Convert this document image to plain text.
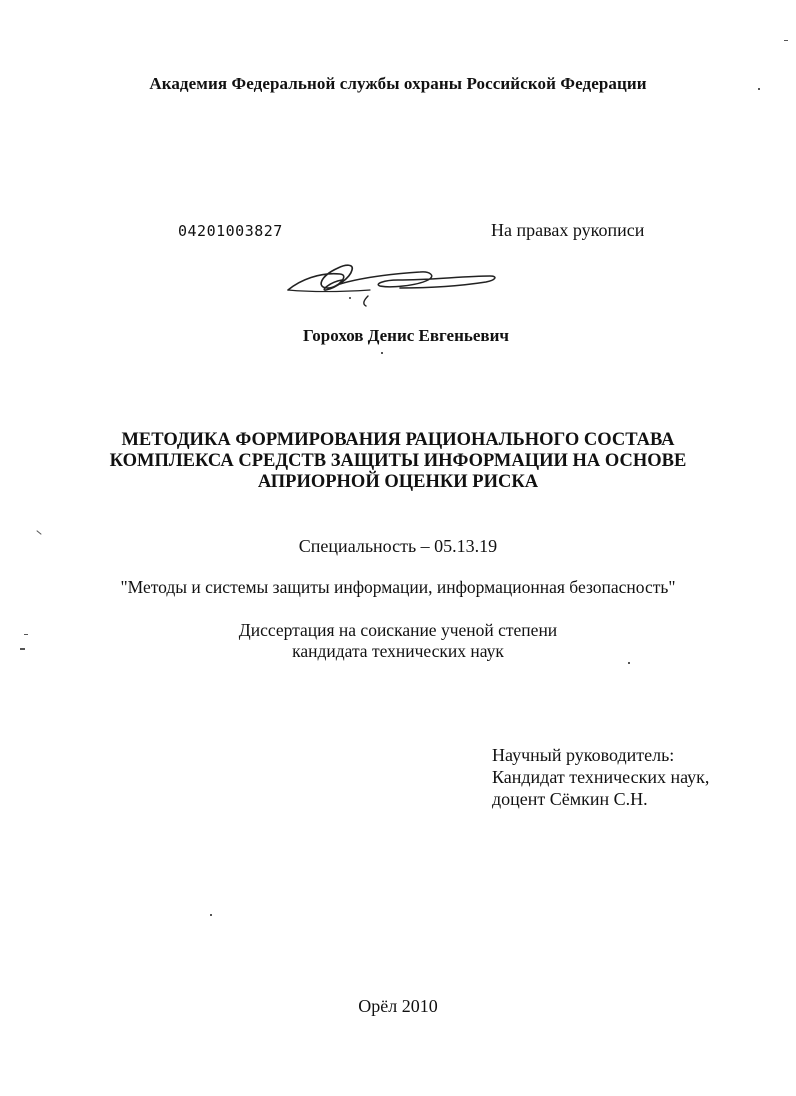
Академия Федеральной службы охраны Российской Федерации
04201003827	На правах рукописи
Горохов Денис Евгеньевич
МЕТОДИКА ФОРМИРОВАНИЯ РАЦИОНАЛЬНОГО СОСТАВА
КОМПЛЕКСА СРЕДСТВ ЗАЩИТЫ ИНФОРМАЦИИ НА ОСНОВЕ
АПРИОРНОЙ ОЦЕНКИ РИСКА
Специальность – 05.13.19
"Методы и системы защиты информации, информационная безопасность"
Диссертация на соискание ученой степени
кандидата технических наук
Научный руководитель:
Кандидат технических наук,
доцент Сёмкин С.Н.
Орёл 2010
